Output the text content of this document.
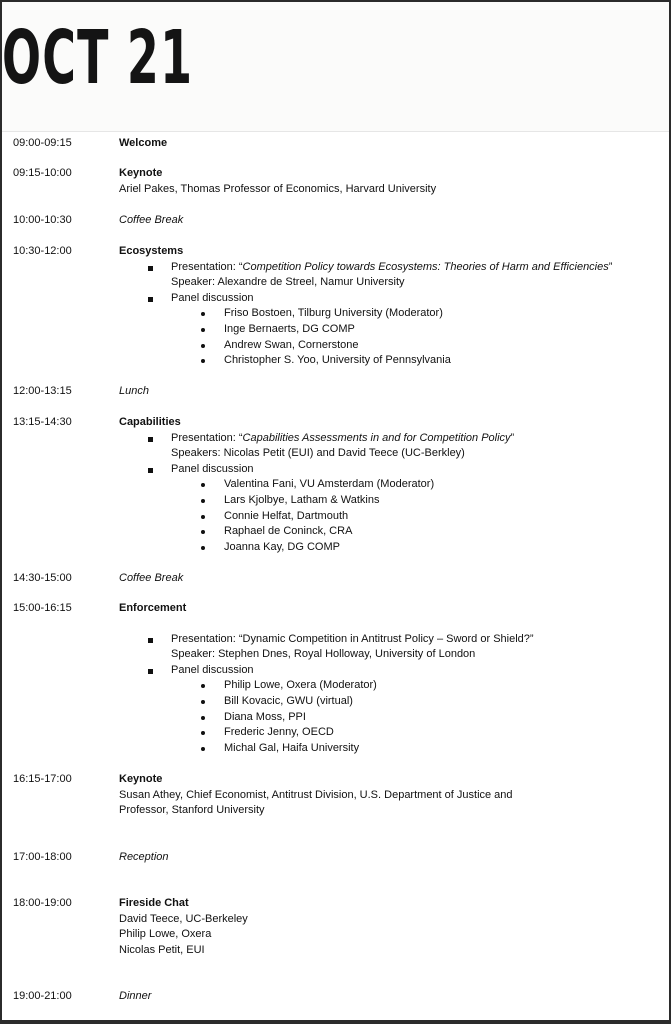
OCT 21
09:00-09:15	Welcome
09:15-10:00	Keynote
Ariel Pakes, Thomas Professor of Economics, Harvard University
10:00-10:30	Coffee Break
10:30-12:00	Ecosystems
Presentation: “Competition Policy towards Ecosystems: Theories of Harm and Efficiencies”
Speaker: Alexandre de Streel, Namur University
Panel discussion
Friso Bostoen, Tilburg University (Moderator)
Inge Bernaerts, DG COMP
Andrew Swan, Cornerstone
Christopher S. Yoo, University of Pennsylvania
12:00-13:15	Lunch
13:15-14:30	Capabilities
Presentation: “Capabilities Assessments in and for Competition Policy”
Speakers: Nicolas Petit (EUI) and David Teece (UC-Berkley)
Panel discussion
Valentina Fani, VU Amsterdam (Moderator)
Lars Kjolbye, Latham & Watkins
Connie Helfat, Dartmouth
Raphael de Coninck, CRA
Joanna Kay, DG COMP
14:30-15:00	Coffee Break
15:00-16:15	Enforcement
Presentation: “Dynamic Competition in Antitrust Policy – Sword or Shield?”
Speaker: Stephen Dnes, Royal Holloway, University of London
Panel discussion
Philip Lowe, Oxera (Moderator)
Bill Kovacic, GWU (virtual)
Diana Moss, PPI
Frederic Jenny, OECD
Michal Gal, Haifa University
16:15-17:00	Keynote
Susan Athey, Chief Economist, Antitrust Division, U.S. Department of Justice and
Professor, Stanford University
17:00-18:00	Reception
18:00-19:00	Fireside Chat
David Teece, UC-Berkeley
Philip Lowe, Oxera
Nicolas Petit, EUI
19:00-21:00	Dinner
